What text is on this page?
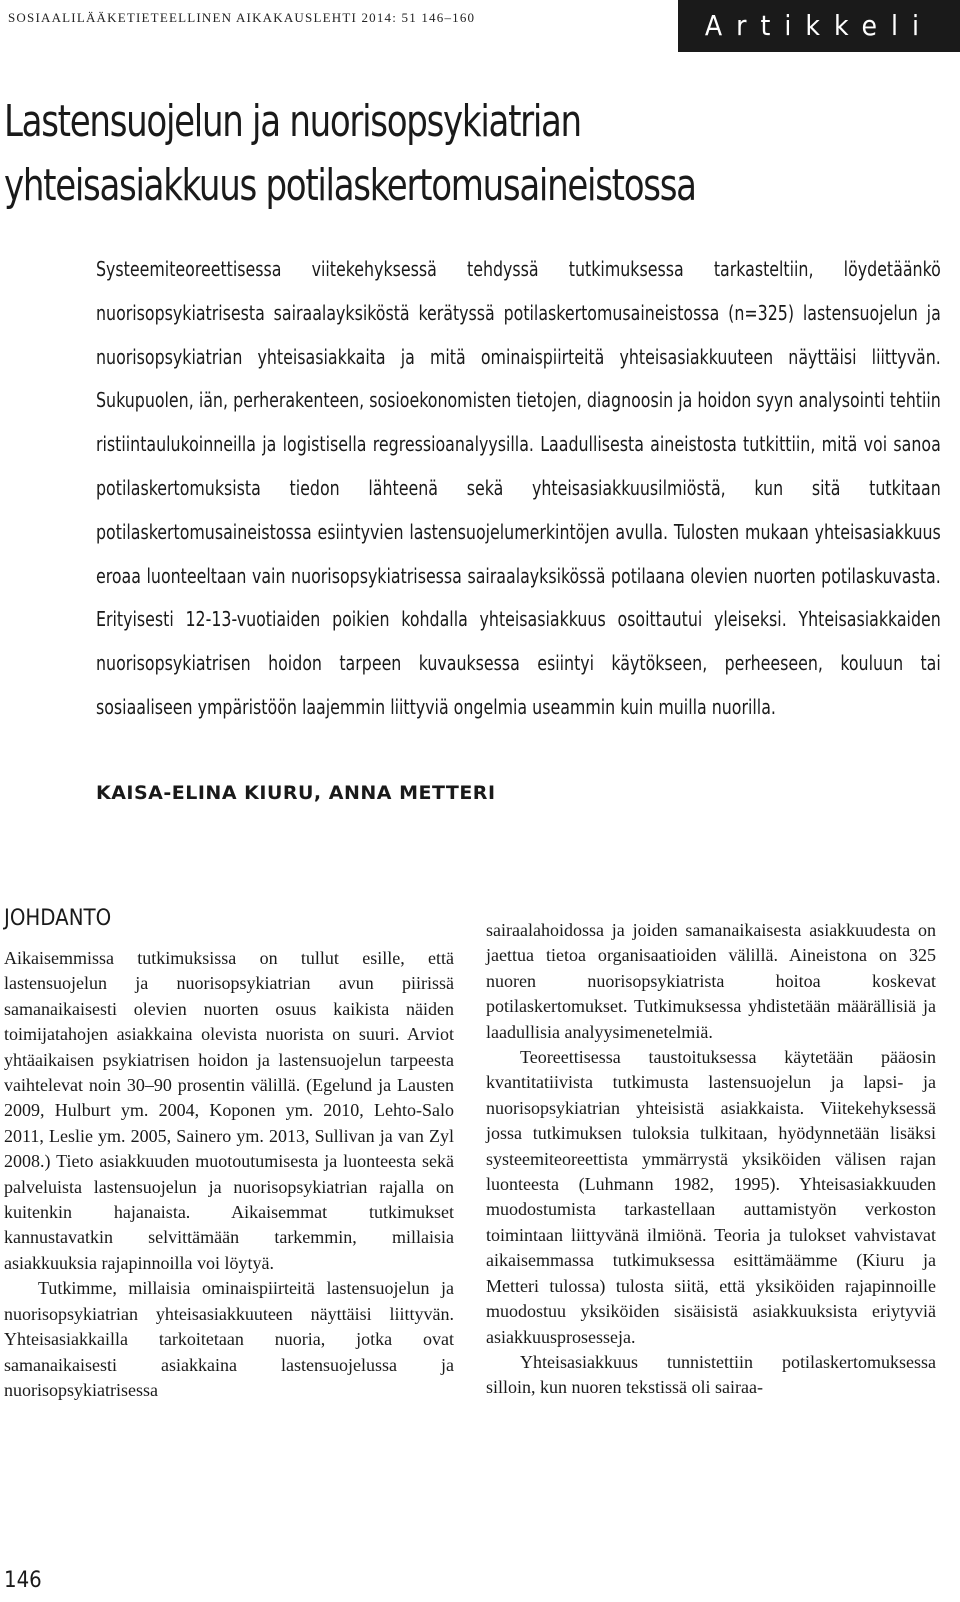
SOSIAALILÄÄKETIETEELLINEN AIKAKAUSLEHTI 2014: 51 146–160	Artikkeli
Lastensuojelun ja nuorisopsykiatrian yhteisasiakkuus potilaskertomusaineistossa

Systeemiteoreettisessa viitekehyksessä tehdyssä tutkimuksessa tarkasteltiin, löydetäänkö nuorisopsykiatrisesta sairaalayksiköstä kerätyssä potilaskertomusaineistossa (n=325) lastensuojelun ja nuorisopsykiatrian yhteisasiakkaita ja mitä ominaispiirteitä yhteisasiakkuuteen näyttäisi liittyvän. Sukupuolen, iän, perherakenteen, sosioekonomisten tietojen, diagnoosin ja hoidon syyn analysointi tehtiin ristiintaulukoinneilla ja logistisella regressioanalyysilla. Laadullisesta aineistosta tutkittiin, mitä voi sanoa potilaskertomuksista tiedon lähteenä sekä yhteisasiakkuusilmiöstä, kun sitä tutkitaan potilaskertomusaineistossa esiintyvien lastensuojelumerkintöjen avulla. Tulosten mukaan yhteisasiakkuus eroaa luonteeltaan vain nuorisopsykiatrisessa sairaalayksikössä potilaana olevien nuorten potilaskuvasta. Erityisesti 12-13-vuotiaiden poikien kohdalla yhteisasiakkuus osoittautui yleiseksi. Yhteisasiakkaiden nuorisopsykiatrisen hoidon tarpeen kuvauksessa esiintyi käytökseen, perheeseen, kouluun tai sosiaaliseen ympäristöön laajemmin liittyviä ongelmia useammin kuin muilla nuorilla.

KAISA-ELINA KIURU, ANNA METTERI

JOHDANTO

Aikaisemmissa tutkimuksissa on tullut esille, että lastensuojelun ja nuorisopsykiatrian avun piirissä samanaikaisesti olevien nuorten osuus kaikista näiden toimijatahojen asiakkaina olevista nuorista on suuri. Arviot yhtäaikaisen psykiatrisen hoidon ja lastensuojelun tarpeesta vaihtelevat noin 30–90 prosentin välillä. (Egelund ja Lausten 2009, Hulburt ym. 2004, Koponen ym. 2010, Lehto-Salo 2011, Leslie ym. 2005, Sainero ym. 2013, Sullivan ja van Zyl 2008.) Tieto asiakkuuden muotoutumisesta ja luonteesta sekä palveluista lastensuojelun ja nuorisopsykiatrian rajalla on kuitenkin hajanaista. Aikaisemmat tutkimukset kannustavatkin selvittämään tarkemmin, millaisia asiakkuuksia rajapinnoilla voi löytyä.

Tutkimme, millaisia ominaispiirteitä lastensuojelun ja nuorisopsykiatrian yhteisasiakkuuteen näyttäisi liittyvän. Yhteisasiakkailla tarkoitetaan nuoria, jotka ovat samanaikaisesti asiakkaina lastensuojelussa ja nuorisopsykiatrisessa

sairaalahoidossa ja joiden samanaikaisesta asiakkuudesta on jaettua tietoa organisaatioiden välillä. Aineistona on 325 nuoren nuorisopsykiatrista hoitoa koskevat potilaskertomukset. Tutkimuksessa yhdistetään määrällisiä ja laadullisia analyysimenetelmiä.

Teoreettisessa taustoituksessa käytetään pääosin kvantitatiivista tutkimusta lastensuojelun ja lapsi- ja nuorisopsykiatrian yhteisistä asiakkaista. Viitekehyksessä jossa tutkimuksen tuloksia tulkitaan, hyödynnetään lisäksi systeemiteoreettista ymmärrystä yksiköiden välisen rajan luonteesta (Luhmann 1982, 1995). Yhteisasiakkuuden muodostumista tarkastellaan auttamistyön verkoston toimintaan liittyvänä ilmiönä. Teoria ja tulokset vahvistavat aikaisemmassa tutkimuksessa esittämäämme (Kiuru ja Metteri tulossa) tulosta siitä, että yksiköiden rajapinnoille muodostuu yksiköiden sisäisistä asiakkuuksista eriytyviä asiakkuusprosesseja.

Yhteisasiakkuus tunnistettiin potilaskertomuksessa silloin, kun nuoren tekstissä oli sairaa-

146
